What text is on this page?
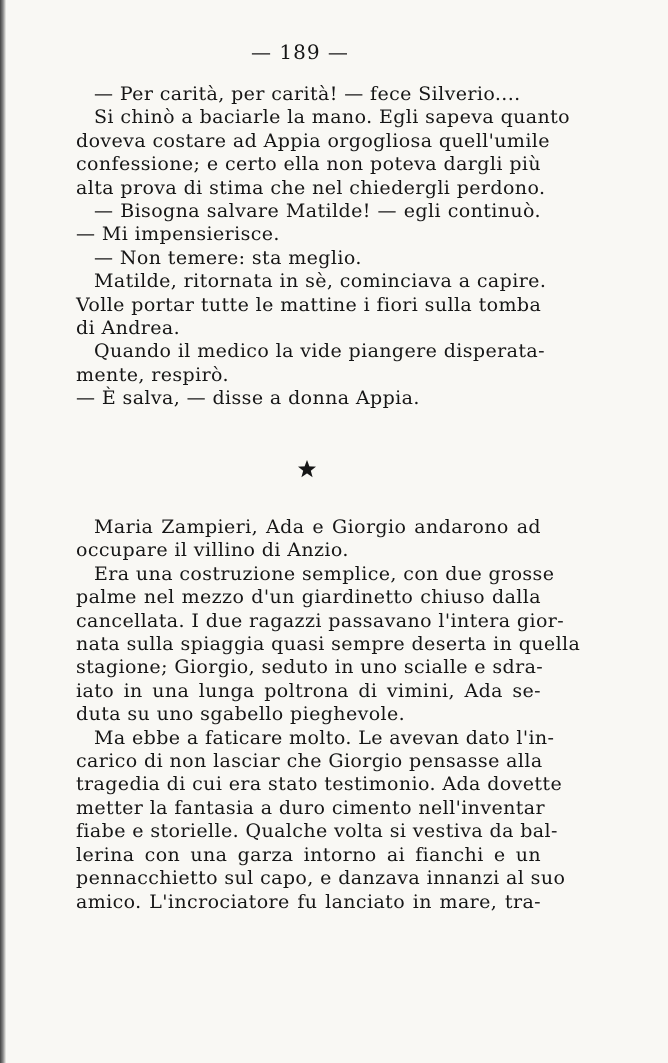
— 189 —
— Per carità, per carità! — fece Silverio....
Si chinò a baciarle la mano. Egli sapeva quanto
doveva costare ad Appia orgogliosa quell'umile
confessione; e certo ella non poteva dargli più
alta prova di stima che nel chiedergli perdono.
— Bisogna salvare Matilde! — egli continuò.
— Mi impensierisce.
— Non temere: sta meglio.
Matilde, ritornata in sè, cominciava a capire.
Volle portar tutte le mattine i fiori sulla tomba
di Andrea.
Quando il medico la vide piangere disperata-
mente, respirò.
— È salva, — disse a donna Appia.
Maria Zampieri, Ada e Giorgio andarono ad
occupare il villino di Anzio.
Era una costruzione semplice, con due grosse
palme nel mezzo d'un giardinetto chiuso dalla
cancellata. I due ragazzi passavano l'intera gior-
nata sulla spiaggia quasi sempre deserta in quella
stagione; Giorgio, seduto in uno scialle e sdra-
iato in una lunga poltrona di vimini, Ada se-
duta su uno sgabello pieghevole.
Ma ebbe a faticare molto. Le avevan dato l'in-
carico di non lasciar che Giorgio pensasse alla
tragedia di cui era stato testimonio. Ada dovette
metter la fantasia a duro cimento nell'inventar
fiabe e storielle. Qualche volta si vestiva da bal-
lerina con una garza intorno ai fianchi e un
pennacchietto sul capo, e danzava innanzi al suo
amico. L'incrociatore fu lanciato in mare, tra-
